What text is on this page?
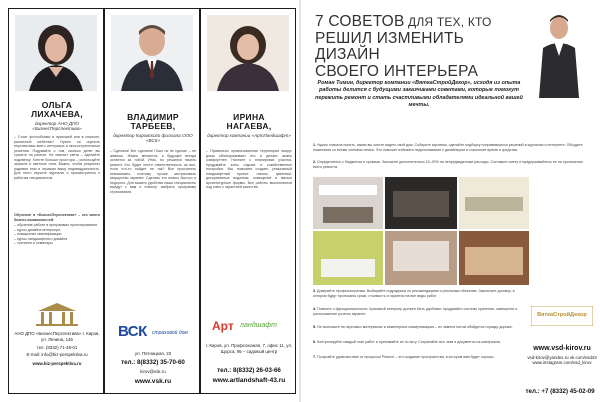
ОЛЬГА
ЛИХАЧЕВА,
директор АНО ДПО «БизнесПерспектива»
– Стоит фотообоями в прихожей или в спальне, различной мебелью? Нужно ли оценить перспективы всего интерьера и многоступенчатые решения. Подумайте о том, сколько денег вы тратите на ремонт. Не хватает света – сделайте подсветку. Хотите больше простора – используйте зеркала и светлые тона. Важно, чтобы результат радовал глаз и отражал вашу индивидуальность. Для этого изучите журналы и присмотритесь к работам специалистов.
Обучение в «БизнесПерспективе» – это много бизнес-возможностей:
– обучение работе в программах проектирования
– курсы дизайна интерьера
– повышение квалификации
– курсы ландшафтного дизайна
– тренинги и семинары
АНО ДПО «БизнесПерспектива» г. Киров, ул. Ленина, 145
тел. (8332) 71-48-01
E-mail: info@biz-perspektiva.ru
www.biz-perspektiva.ru
ВЛАДИМИР
ТАРБЕЕВ,
директор Кировского филиала ООО «ВСК»
– Сделали! Вот сделали! Пока ты не сделал – не живешь. Жизнь меняется, и будущее всегда остается за тобой. Итак, ты решился начать ремонт. Кто будет нести ответственность за все, если что-то пойдет не так? Все просчитать невозможно, поэтому лучше застраховать имущество заранее. Сделать это можно быстро и недорого. Для вашего удобства наши специалисты выедут к вам и помогут выбрать программу страхования.
ВСК страховой дом
ул. Пятницкая, 23
тел.: 8(8332) 35-70-60
kirov@vsk.ru
www.vsk.ru
ИРИНА
НАГАЕВА,
директор компании «АртЛандшафт»
– Правильно организованная территория вокруг дома облагораживает его и делает жизнь комфортнее. Начните с планировки участка, продумайте зоны отдыха и хозяйственные постройки. Мы поможем создать уникальный ландшафтный проект: газоны, цветники, декоративные водоемы, освещение и малые архитектурные формы. Все работы выполняются под ключ с гарантией качества.
Арт ландшафт
г. Киров, ул. Профсоюзная, 7, офис 11, ул. Щорса, 95 – садовый центр
тел.: 8(8332) 26-03-66
www.artlandshaft-43.ru
7 СОВЕТОВ ДЛЯ ТЕХ, КТО
РЕШИЛ ИЗМЕНИТЬ ДИЗАЙН
СВОЕГО ИНТЕРЬЕРА
Роман Тимин, директор компании «ВяткаСтройДекор», исходя из опыта работы делится с будущими заказчиками советами, которые помогут пережить ремонт и стать счастливыми обладателями идеальной вашей мечты.
1. Нужно сначала понять, каким вы хотите видеть свой дом. Соберите картинки, сделайте подборку понравившихся решений в журналах и интернете. Обсудите пожелания со всеми членами семьи. Это поможет избежать недопонимания с дизайнером и сэкономит время и средства.
2. Определитесь с бюджетом и сроками. Заложите дополнительно 15–20% на непредвиденные расходы. Составьте смету и придерживайтесь ее на протяжении всего ремонта.
3. Доверяйте профессионалам. Выбирайте подрядчика по рекомендациям и реальным объектам. Заключите договор, в котором будут прописаны сроки, стоимость и гарантии на все виды работ.
4. Помните о функциональности. Красивый интерьер должен быть удобным: продумайте систему хранения, освещение и расположение розеток заранее.
5. Не экономьте на черновых материалах и инженерных коммуникациях – их замена потом обойдется гораздо дороже.
6. Контролируйте каждый этап работ и принимайте их по акту. Сохраняйте все чеки и документы на материалы.
7. Получайте удовольствие от процесса! Ремонт – это создание пространства, в котором вам будет хорошо.
ВяткаСтройДекор
www.vsd-kirov.ru
vsd-kirov@yandex.ru vk.com/vsd43 www.instagram.com/vsd_kirov
тел.: +7 (8332) 45-02-09
